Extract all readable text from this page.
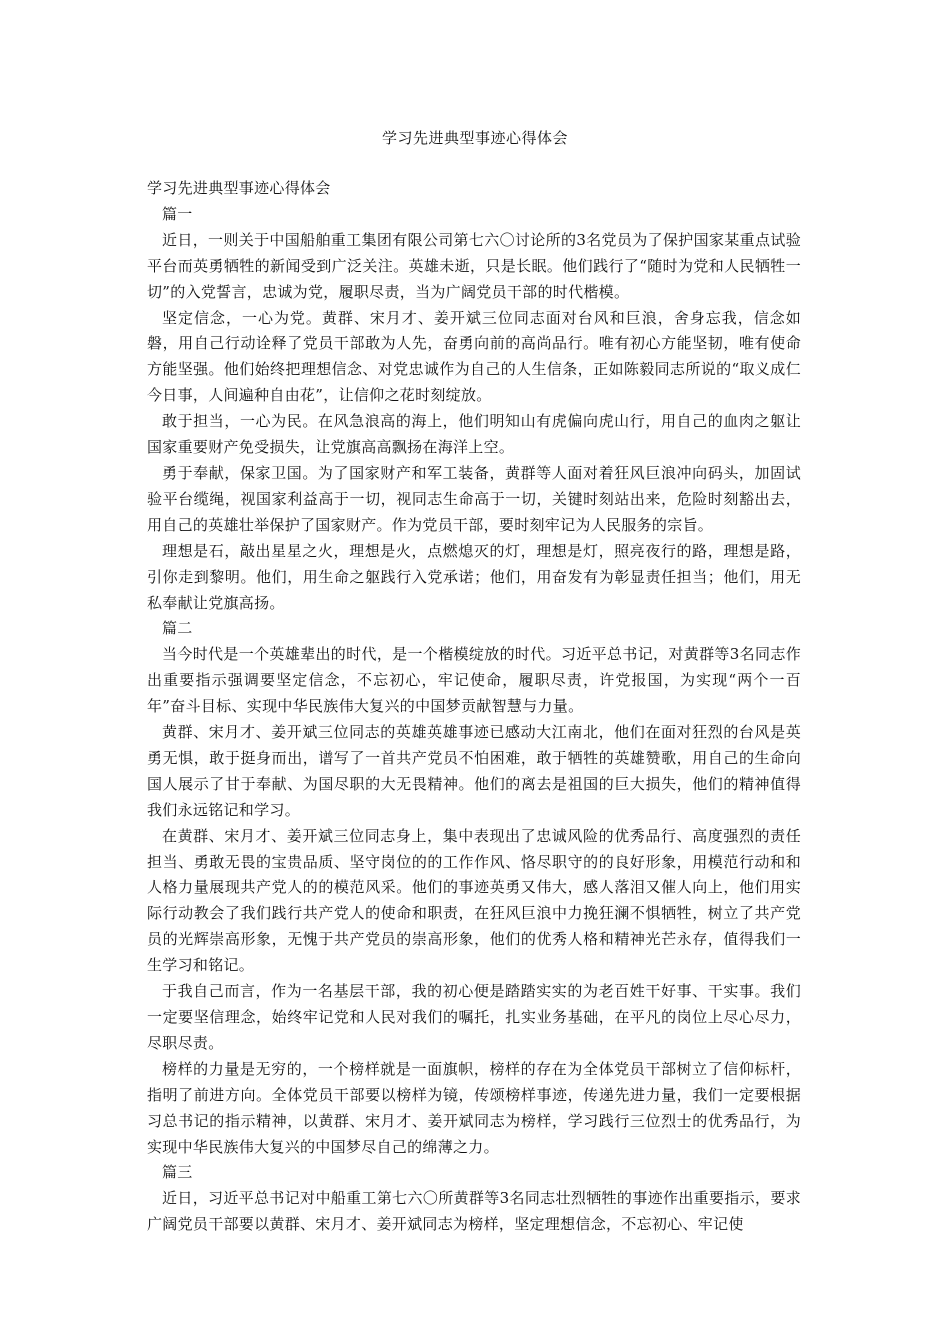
学习先进典型事迹心得体会

学习先进典型事迹心得体会

篇一

近日，一则关于中国船舶重工集团有限公司第七六〇讨论所的3名党员为了保护国家某重点试验平台而英勇牺牲的新闻受到广泛关注。英雄未逝，只是长眠。他们践行了“随时为党和人民牺牲一切”的入党誓言，忠诚为党，履职尽责，当为广阔党员干部的时代楷模。

坚定信念，一心为党。黄群、宋月才、姜开斌三位同志面对台风和巨浪，舍身忘我，信念如磐，用自己行动诠释了党员干部敢为人先，奋勇向前的高尚品行。唯有初心方能坚韧，唯有使命方能坚强。他们始终把理想信念、对党忠诚作为自己的人生信条，正如陈毅同志所说的“取义成仁今日事，人间遍种自由花”，让信仰之花时刻绽放。

敢于担当，一心为民。在风急浪高的海上，他们明知山有虎偏向虎山行，用自己的血肉之躯让国家重要财产免受损失，让党旗高高飘扬在海洋上空。

勇于奉献，保家卫国。为了国家财产和军工装备，黄群等人面对着狂风巨浪冲向码头，加固试验平台缆绳，视国家利益高于一切，视同志生命高于一切，关键时刻站出来，危险时刻豁出去，用自己的英雄壮举保护了国家财产。作为党员干部，要时刻牢记为人民服务的宗旨。

理想是石，敲出星星之火，理想是火，点燃熄灭的灯，理想是灯，照亮夜行的路，理想是路，引你走到黎明。他们，用生命之躯践行入党承诺；他们，用奋发有为彰显责任担当；他们，用无私奉献让党旗高扬。

篇二

当今时代是一个英雄辈出的时代，是一个楷模绽放的时代。习近平总书记，对黄群等3名同志作出重要指示强调要坚定信念，不忘初心，牢记使命，履职尽责，许党报国，为实现“两个一百年”奋斗目标、实现中华民族伟大复兴的中国梦贡献智慧与力量。

黄群、宋月才、姜开斌三位同志的英雄英雄事迹已感动大江南北，他们在面对狂烈的台风是英勇无惧，敢于挺身而出，谱写了一首共产党员不怕困难，敢于牺牲的英雄赞歌，用自己的生命向国人展示了甘于奉献、为国尽职的大无畏精神。他们的离去是祖国的巨大损失，他们的精神值得我们永远铭记和学习。

在黄群、宋月才、姜开斌三位同志身上，集中表现出了忠诚风险的优秀品行、高度强烈的责任担当、勇敢无畏的宝贵品质、坚守岗位的的工作作风、恪尽职守的的良好形象，用模范行动和和人格力量展现共产党人的的模范风采。他们的事迹英勇又伟大，感人落泪又催人向上，他们用实际行动教会了我们践行共产党人的使命和职责，在狂风巨浪中力挽狂澜不惧牺牲，树立了共产党员的光辉崇高形象，无愧于共产党员的崇高形象，他们的优秀人格和精神光芒永存，值得我们一生学习和铭记。

于我自己而言，作为一名基层干部，我的初心便是踏踏实实的为老百姓干好事、干实事。我们一定要坚信理念，始终牢记党和人民对我们的嘱托，扎实业务基础，在平凡的岗位上尽心尽力，尽职尽责。

榜样的力量是无穷的，一个榜样就是一面旗帜，榜样的存在为全体党员干部树立了信仰标杆，指明了前进方向。全体党员干部要以榜样为镜，传颂榜样事迹，传递先进力量，我们一定要根据习总书记的指示精神，以黄群、宋月才、姜开斌同志为榜样，学习践行三位烈士的优秀品行，为实现中华民族伟大复兴的中国梦尽自己的绵薄之力。

篇三

近日，习近平总书记对中船重工第七六〇所黄群等3名同志壮烈牺牲的事迹作出重要指示，要求广阔党员干部要以黄群、宋月才、姜开斌同志为榜样，坚定理想信念，不忘初心、牢记使
